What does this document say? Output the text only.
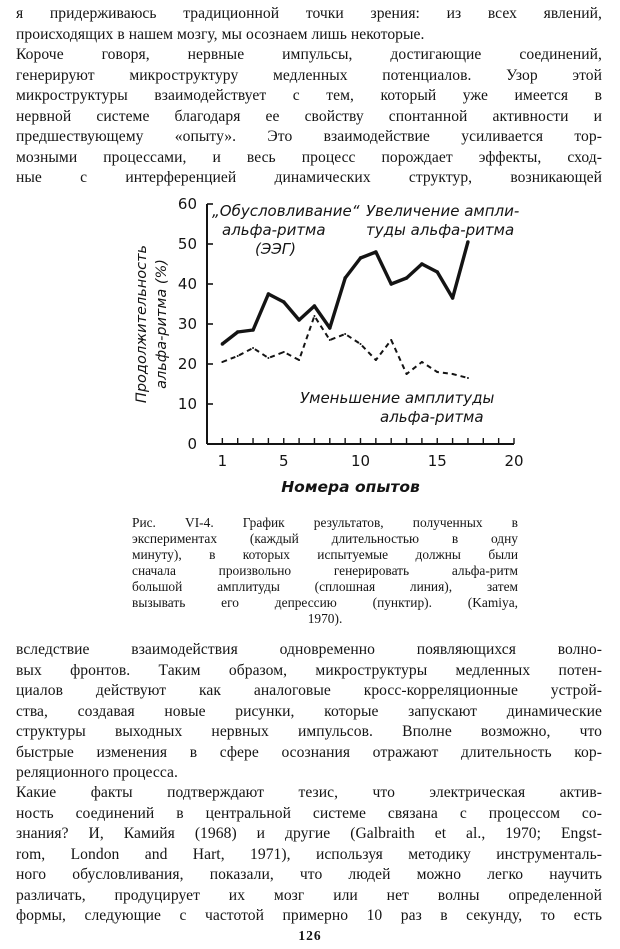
я придерживаюсь традиционной точки зрения: из всех явлений,
происходящих в нашем мозгу, мы осознаем лишь некоторые.
Короче говоря, нервные импульсы, достигающие соединений,
генерируют микроструктуру медленных потенциалов. Узор этой
микроструктуры взаимодействует с тем, который уже имеется в
нервной системе благодаря ее свойству спонтанной активности и
предшествующему «опыту». Это взаимодействие усиливается тор-
мозными процессами, и весь процесс порождает эффекты, сход-
ные с интерференцией динамических структур, возникающей
0
10
20
30
40
50
60
1	5	10	15	20
Номера опытов
Продолжительность альфа-ритма (%)
„Обусловливание“
альфа-ритма
(ЭЭГ)
Увеличение ампли-
туды альфа-ритма
Уменьшение амплитуды
альфа-ритма
Рис. VI-4. График результатов, полученных в
экспериментах (каждый длительностью в одну
минуту), в которых испытуемые должны были
сначала произвольно генерировать альфа-ритм
большой амплитуды (сплошная линия), затем
вызывать его депрессию (пунктир). (Kamiya,
1970).
вследствие взаимодействия одновременно появляющихся волно-
вых фронтов. Таким образом, микроструктуры медленных потен-
циалов действуют как аналоговые кросс-корреляционные устрой-
ства, создавая новые рисунки, которые запускают динамические
структуры выходных нервных импульсов. Вполне возможно, что
быстрые изменения в сфере осознания отражают длительность кор-
реляционного процесса.
Какие факты подтверждают тезис, что электрическая актив-
ность соединений в центральной системе связана с процессом со-
знания? И, Камийя (1968) и другие (Galbraith et al., 1970; Engst-
rom, London and Hart, 1971), используя методику инструменталь-
ного обусловливания, показали, что людей можно легко научить
различать, продуцирует их мозг или нет волны определенной
формы, следующие с частотой примерно 10 раз в секунду, то есть
126
